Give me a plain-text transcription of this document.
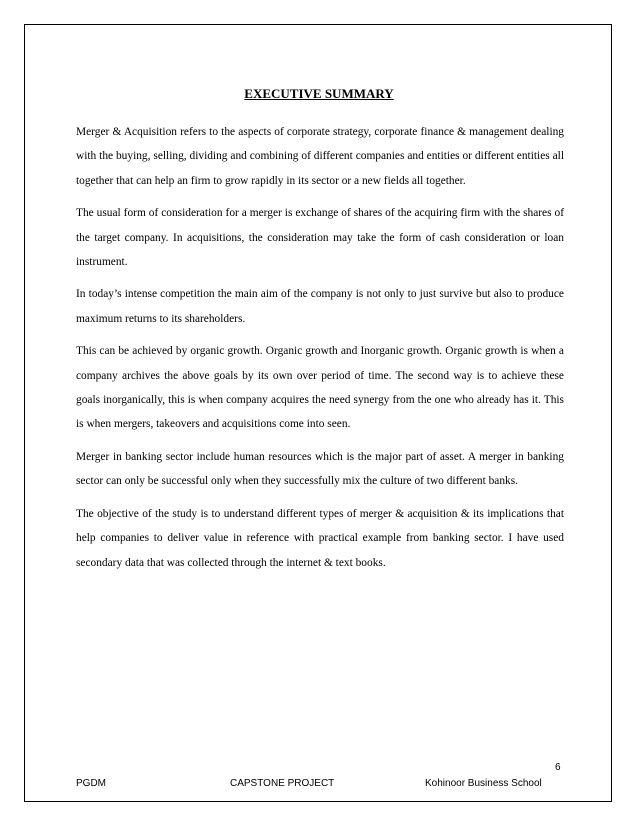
EXECUTIVE SUMMARY

Merger & Acquisition refers to the aspects of corporate strategy, corporate finance & management dealing with the buying, selling, dividing and combining of different companies and entities or different entities all together that can help an firm to grow rapidly in its sector or a new fields all together.

The usual form of consideration for a merger is exchange of shares of the acquiring firm with the shares of the target company. In acquisitions, the consideration may take the form of cash consideration or loan instrument.

In today’s intense competition the main aim of the company is not only to just survive but also to produce maximum returns to its shareholders.

This can be achieved by organic growth. Organic growth and Inorganic growth. Organic growth is when a company archives the above goals by its own over period of time. The second way is to achieve these goals inorganically, this is when company acquires the need synergy from the one who already has it. This is when mergers, takeovers and acquisitions come into seen.

Merger in banking sector include human resources which is the major part of asset. A merger in banking sector can only be successful only when they successfully mix the culture of two different banks.

The objective of the study is to understand different types of merger & acquisition & its implications that help companies to deliver value in reference with practical example from banking sector. I have used secondary data that was collected through the internet & text books.

6
PGDM	CAPSTONE PROJECT	Kohinoor Business School
